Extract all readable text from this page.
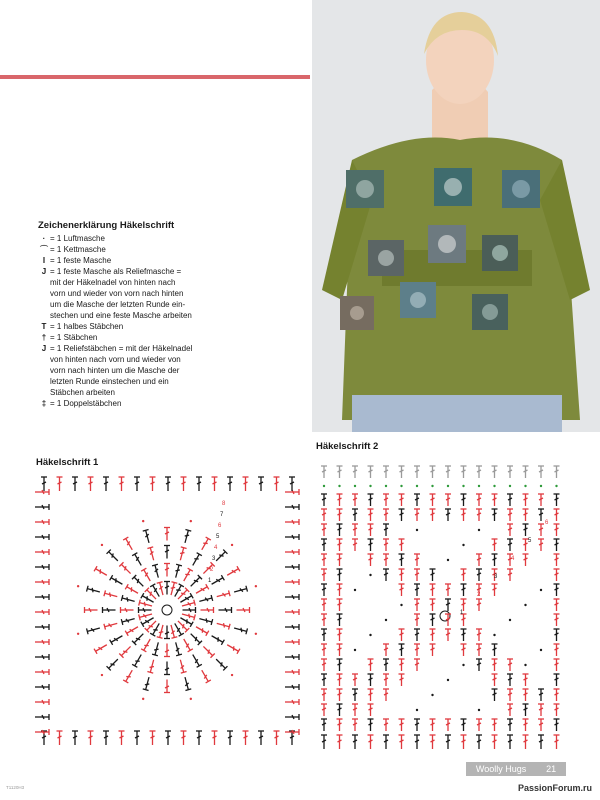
Zeichenerklärung Häkelschrift
· = 1 Luftmasche
⌒ = 1 Kettmasche
I = 1 feste Masche
J = 1 feste Masche als Reliefmasche =
mit der Häkelnadel von hinten nach
vorn und wieder von vorn nach hinten
um die Masche der letzten Runde ein-
stechen und eine feste Masche arbeiten
T = 1 halbes Stäbchen
† = 1 Stäbchen
J = 1 Reliefstäbchen = mit der Häkelnadel
von hinten nach vorn und wieder von
vorn nach hinten um die Masche der
letzten Runde einstechen und ein
Stäbchen arbeiten
‡ = 1 Doppelstäbchen
Häkelschrift 1
Häkelschrift 2
1
2
3
4
5
6
7
8
1
2
3
4
5
6
Woolly Hugs 21
T1120H3	PassionForum.ru
